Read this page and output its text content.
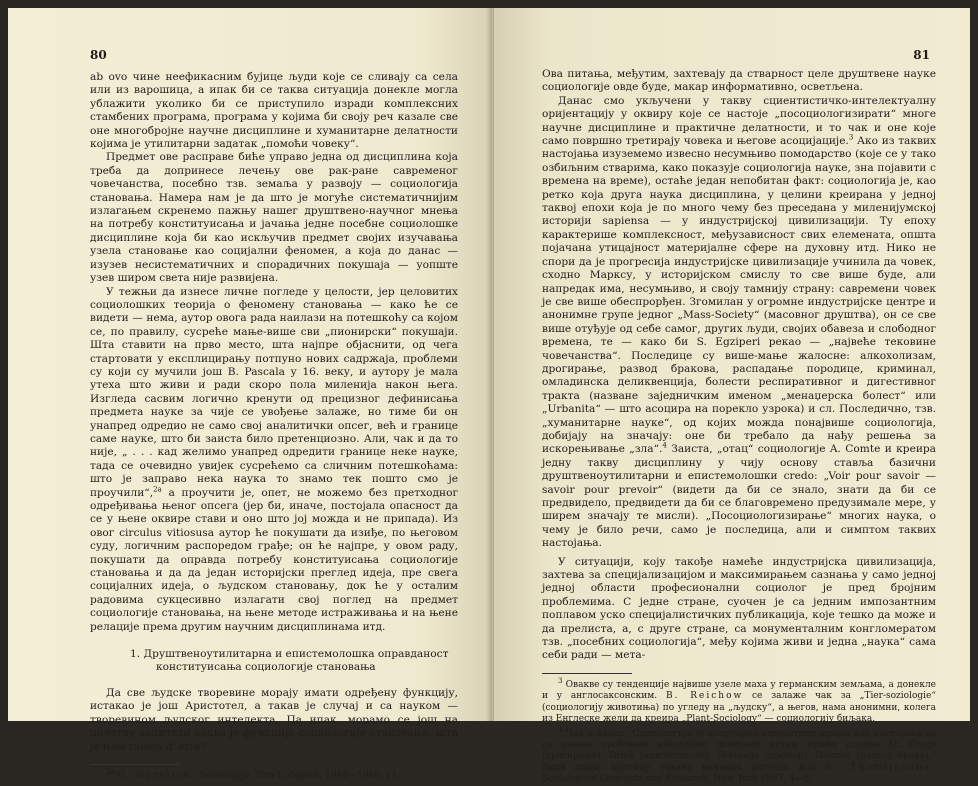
80

ab ovo чине неефикасним бујице људи које се сливају са села или из варошица, а ипак би се таква ситуација донекле могла ублажити уколико би се приступило изради комплексних стамбених програма, програма у којима би своју реч казале све оне многобројне научне дисциплине и хуманитарне делатности којима је утилитарни задатак „помоћи човеку“.

Предмет ове расправе биће управо једна од дисциплина која треба да допринесе лечењу ове рак-ране савременог човечанства, посебно тзв. земаља у развоју — социологија становања. Намера нам је да што је могуће систематичнијим излагањем скренемо пажњу нашег друштвено-научног мнења на потребу конституисања и јачања једне посебне социолошке дисциплине која би као искључив предмет својих изучавања узела становање као социјални феномен, а која до данас — изузев несистематичних и спорадичних покушаја — уопште узев широм света није развијена.

У тежњи да изнесе личне погледе у целости, јер целовитих социолошких теорија о феномену становања — како ће се видети — нема, аутор овога рада наилази на потешкоћу са којом се, по правилу, сусреће мање-више сви „пионирски“ покушаји. Шта ставити на прво место, шта најпре објаснити, од чега стартовати у експлицирању потпуно нових садржаја, проблеми су који су мучили још B. Pascala у 16. веку, и аутору је мала утеха што живи и ради скоро пола миленија након њега. Изгледа сасвим логично кренути од прецизног дефинисања предмета науке за чије се увођење залаже, но тиме би он унапред одредио не само свој аналитички опсег, већ и границе саме науке, што би заиста било претенциозно. Али, чак и да то није, „ . . . кад желимо унапред одредити границе неке науке, тада се очевидно увијек сусрећемо са сличним потешкоћама: што је заправо нека наука то знамо тек пошто смо је проучили“,$^{2a}$ а проучити је, опет, не можемо без претходног одређивања њеног опсега (јер би, иначе, постојала опасност да се у њене оквире стави и оно што јој можда и не припада). Из овог circulus vitiosusa аутор ће покушати да изиђе, по његовом суду, логичним распоредом грађе; он ће најпре, у овом раду, покушати да оправда потребу конституисања социологије становања и да да један историјски преглед идеја, пре свега социјалних идеја, о људском становању, док ће у осталим радовима сукцесивно излагати свој поглед на предмет социологије становања, на њене методе истраживања и на њене релације према другим научним дисциплинама итд.

1. Друштвеноутилитарна и епистемолошка оправданост
конституисања социологије становања

Да све људске творевине морају имати одређену функцију, истакао је још Аристотел, а такав је случај и са науком — творевином људског интелекта. Па ипак, морамо се још на почетку запитати каква је функција социологије становања, шта је њен raison d' etre?

$^{2a}$ G. Gurvitch, Sociologija, Tom I, Zagreb, 1946—1966, 11.

81

Ова питања, међутим, захтевају да стварност целе друштвене науке социологије овде буде, макар информативно, осветљена.

Данас смо укључени у такву сциентистичко-интелектуалну оријентацију у оквиру које се настоје „посоциологизирати“ многе научне дисциплине и практичне делатности, и то чак и оне које само површно третирају човека и његове асоцијације.$^3$ Ако из таквих настојања изуземемо извесно несумњиво помодарство (које се у тако озбиљним стварима, како показује социологија науке, зна појавити с времена на време), остаће један непобитан факт: социологија је, као ретко која друга наука дисциплина, у целини креирана у једној таквој епохи која је по много чему без преседана у миленијумској историји sapiensа — у индустријској цивилизацији. Ту епоху карактерише комплексност, међузависност свих елемената, општа појачана утицајност материјалне сфере на духовну итд. Нико не спори да је прогресија индустријске цивилизације учинила да човек, сходно Марксу, у историјском смислу то све више буде, али напредак има, несумњиво, и своју тамнију страну: савремени човек је све више обеспрорђен. Згомилан у огромне индустријске центре и анонимне групе једног „Mass-Society“ (масовног друштва), он се све више отуђује од себе самог, других људи, својих обавеза и слободног времена, те — како би S. Egziperi рекао — „највеће тековине човечанства“. Последице су више-мање жалосне: алкохолизам, дрогирање, развод бракова, распадање породице, криминал, омладинска деликвенција, болести респиративног и дигестивног тракта (названe заједничким именом „менаџерска болест“ или „Urbanita“ — што асоцира на порекло узрока) и сл. Последично, тзв. „хуманитарне науке“, од којих можда понајвише социологија, добијају на значају: оне би требало да нађу решења за искорењивање „зла“.$^4$ Заиста, „отац“ социологије A. Comte и креира једну такву дисциплину у чију основу ставља базични друштвеноутилитарни и епистемолошки credo: „Voir pour savoir — savoir pour prevoir“ (видети да би се знало, знати да би се предвидело, предвидети да би се благовремено предузимале мере, у ширем значају те мисли). „Посоциологизирање“ многих наука, о чему је било речи, само је последица, али и симптом таквих настојања.

У ситуацији, коју такође намеће индустријска цивилизација, захтева за специјализацијом и максимирањем сазнања у само једној једној области професионални социолог је пред бројним проблемима. С једне стране, суочен је са једним импозантним поплавом уско специјалистичких публикација, које тешко да може и да прелиста, а, с друге стране, са монументалним конгломератом тзв. „посебних социологија“, међу којима живи и једна „наука“ сама себи ради — мета-

$^3$ Овакве су тенденције највише узеле маха у германским земљама, а донекле и у англосаксонским. B. Reichow се залаже чак за „Tier-soziologie“ (социологију животиња) по угледу на „људску“, а његов, нама анонимни, колега из Енглеске жели да креира „Plant-Sociology“ — социологију биљака.

$^4$ Чак и данас „Социологија је популарно стереотипизирана као настојање да се умање проблеми међусобно повезани истим првим словом D: Drugs (дрогирање), Drink (алкохолизам), Drainage (премор), Divorce (развод брака).“ Види шире критику таквих наивних погледа код R. Thomlinsona, Sociological Concepts and Research, New York 1967, 4—5.
